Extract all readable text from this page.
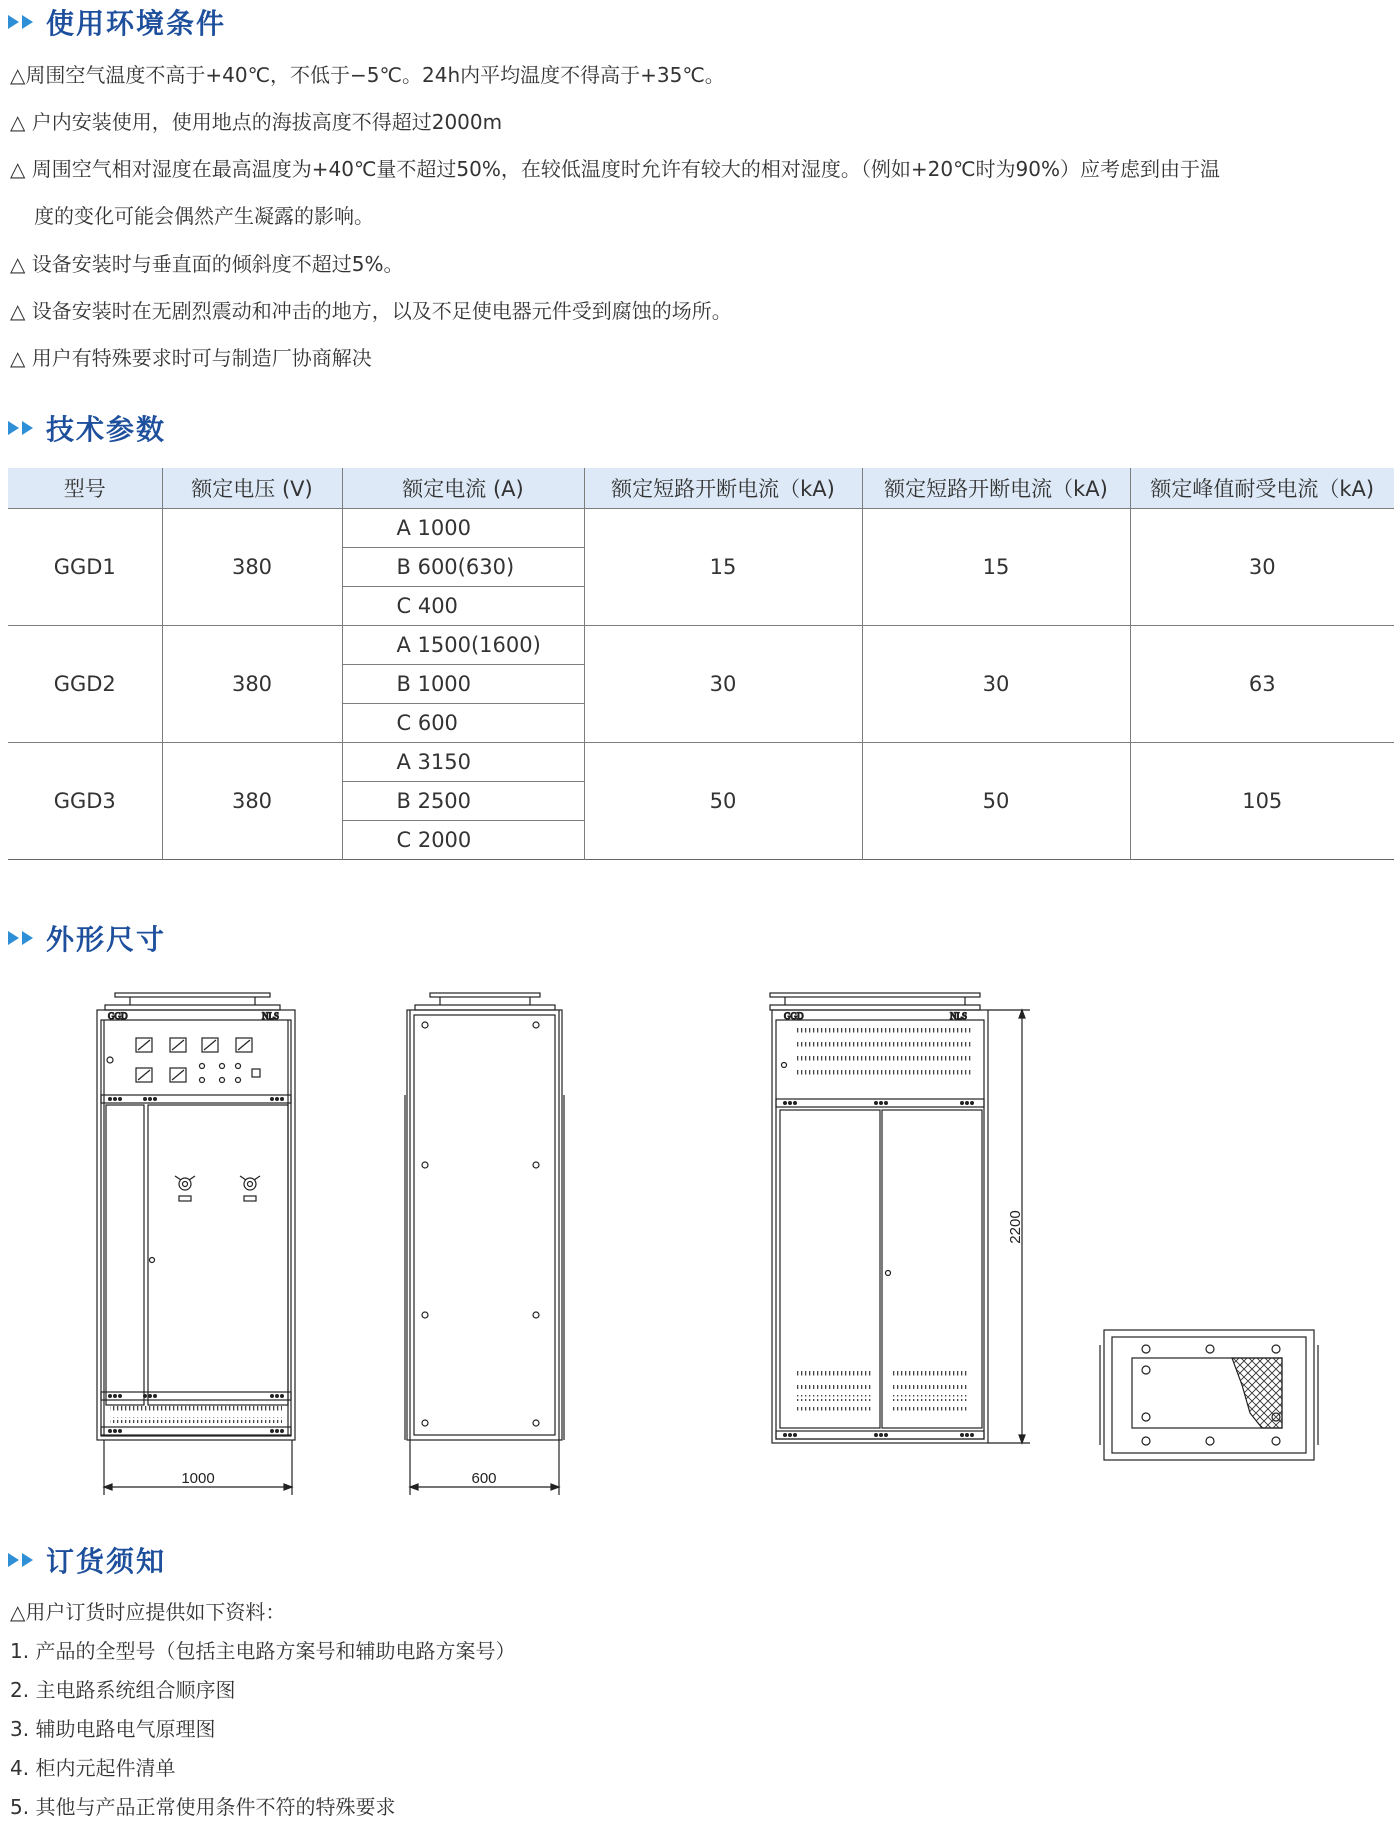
使用环境条件
△周围空气温度不高于+40℃，不低于−5℃。24h内平均温度不得高于+35℃。
△ 户内安装使用，使用地点的海拔高度不得超过2000m
△ 周围空气相对湿度在最高温度为+40℃量不超过50%，在较低温度时允许有较大的相对湿度。（例如+20℃时为90%）应考虑到由于温
度的变化可能会偶然产生凝露的影响。
△ 设备安装时与垂直面的倾斜度不超过5%。
△ 设备安装时在无剧烈震动和冲击的地方，以及不足使电器元件受到腐蚀的场所。
△ 用户有特殊要求时可与制造厂协商解决
技术参数
型号	额定电压 (V)	额定电流 (A)	额定短路开断电流（kA)	额定短路开断电流（kA)	额定峰值耐受电流（kA)
GGD1	380	A 1000	15	15	30
		B 600(630)			
		C 400			
GGD2	380	A 1500(1600)	30	30	63
		B 1000			
		C 600			
GGD3	380	A 3150	50	50	105
		B 2500			
		C 2000			
外形尺寸
GGD	NLS
1000	600
GGD	NLS
2200
订货须知
△用户订货时应提供如下资料：
1. 产品的全型号（包括主电路方案号和辅助电路方案号）
2. 主电路系统组合顺序图
3. 辅助电路电气原理图
4. 柜内元起件清单
5. 其他与产品正常使用条件不符的特殊要求
